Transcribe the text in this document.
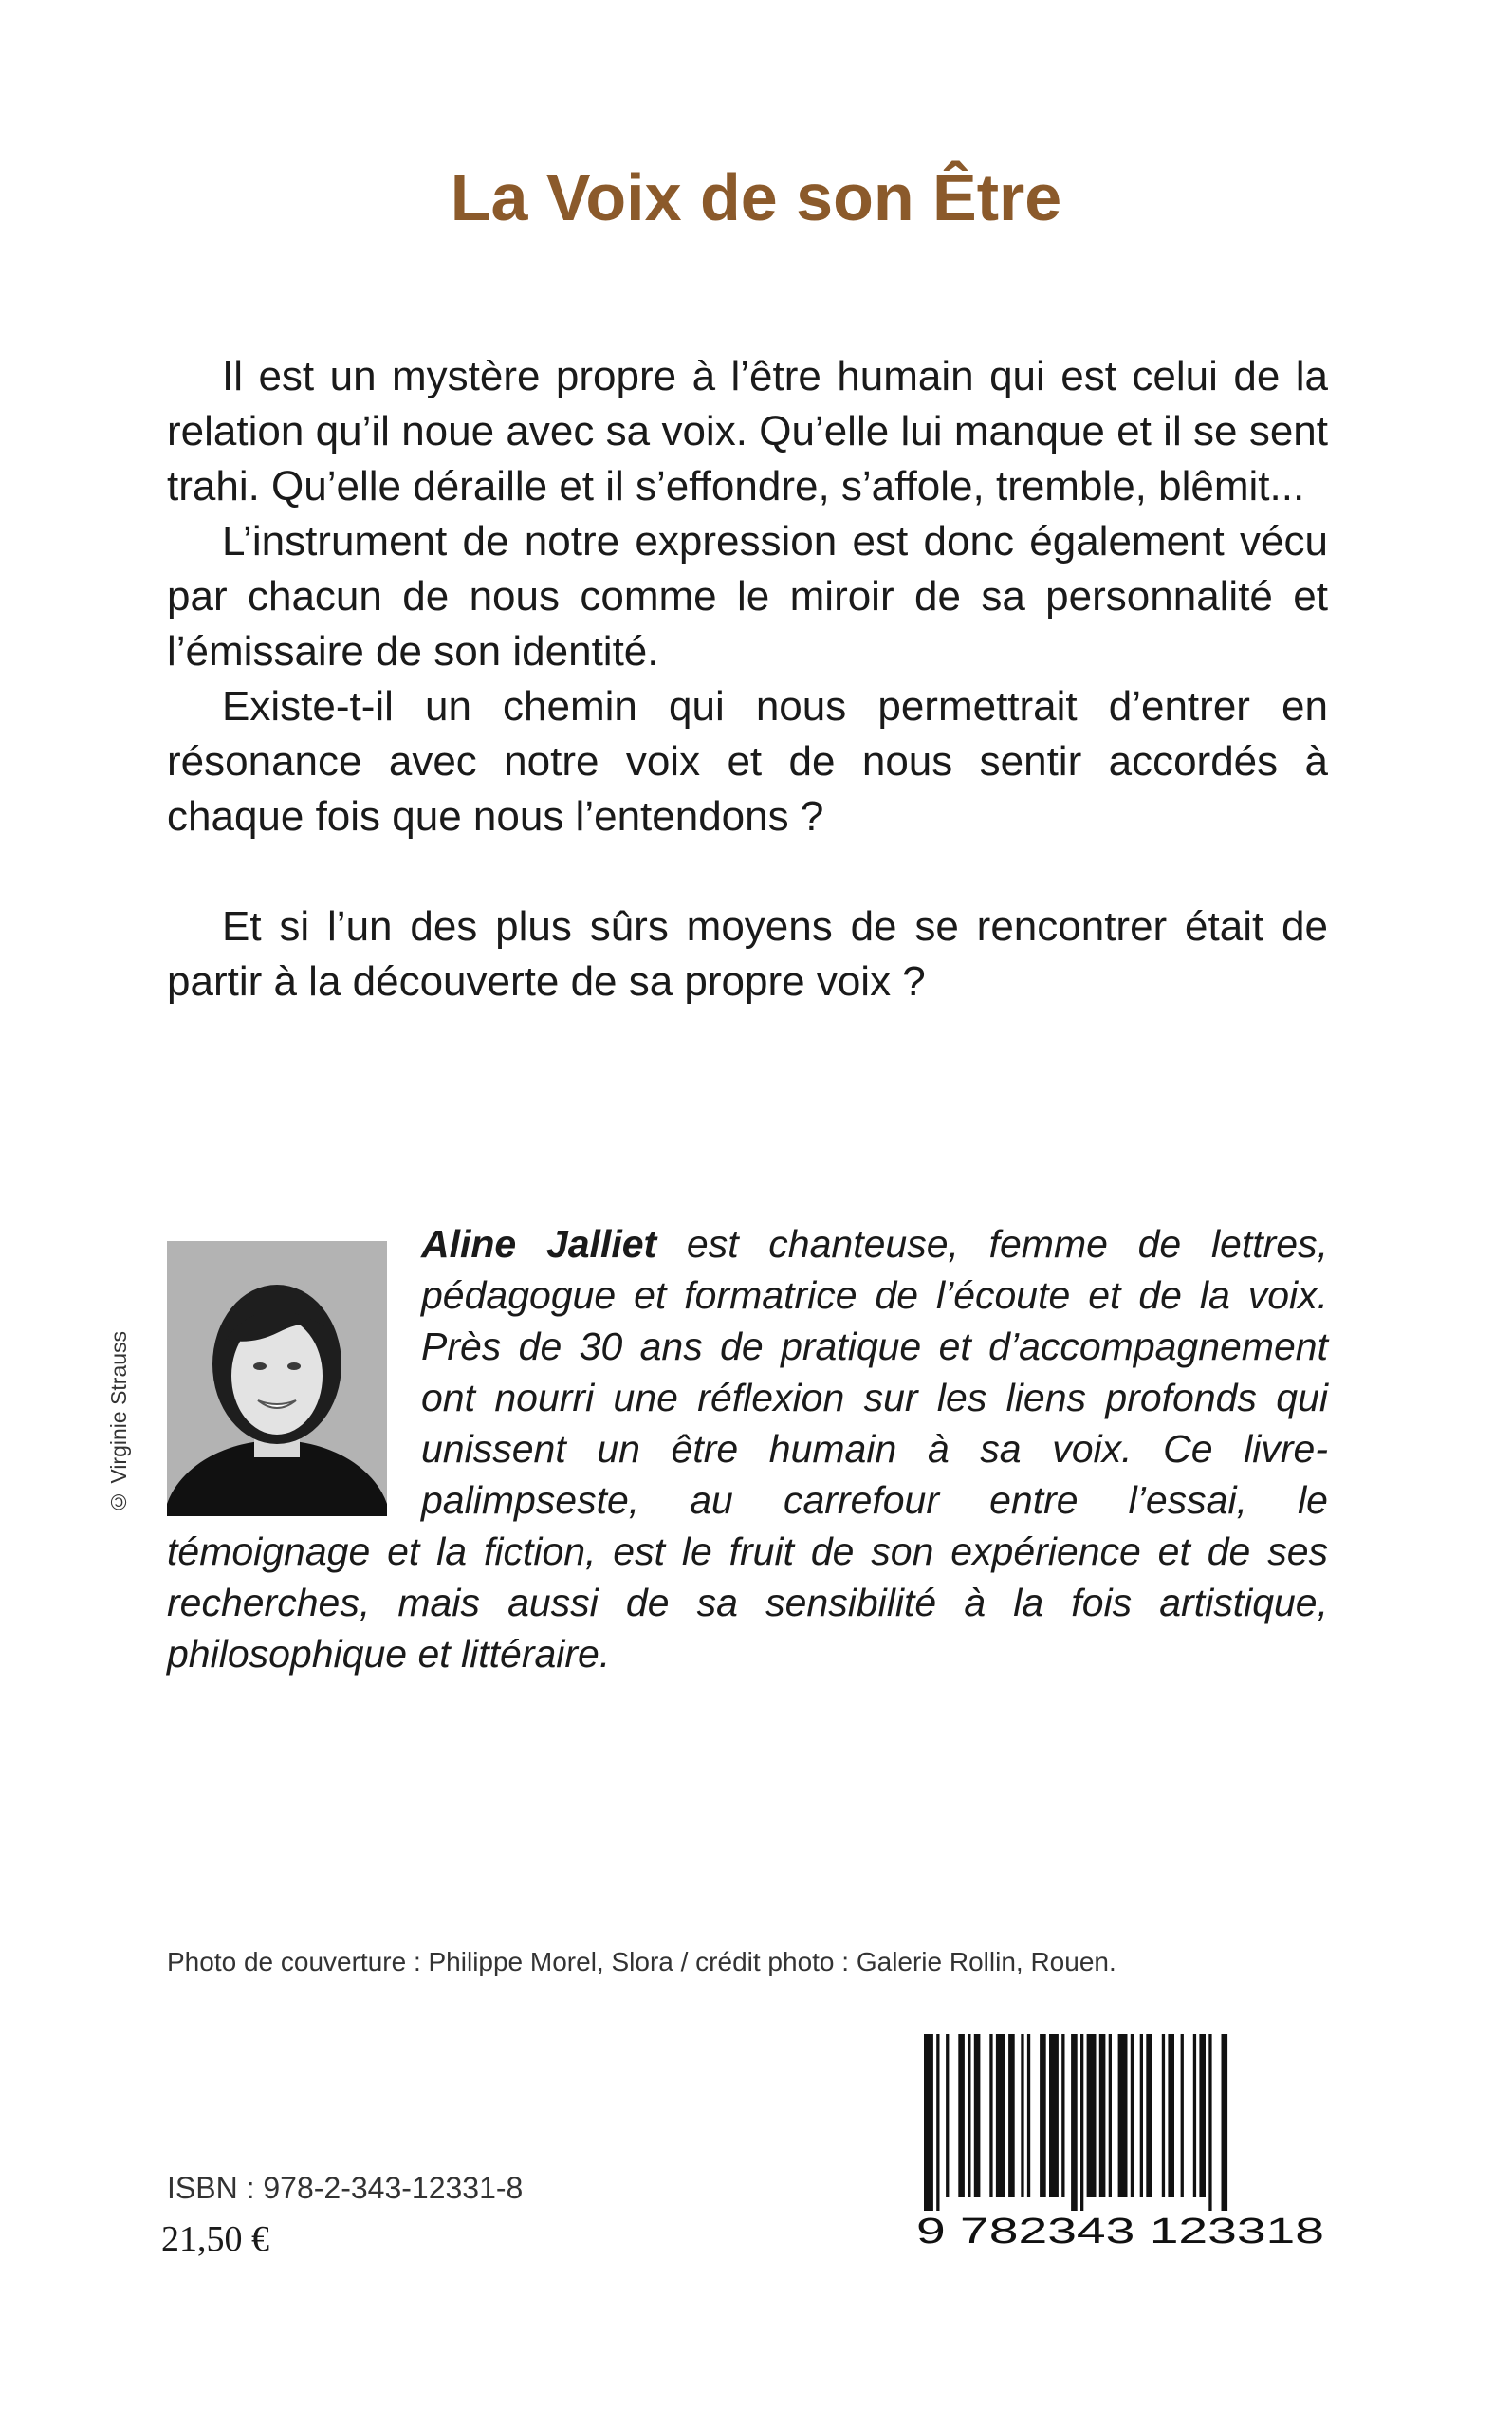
La Voix de son Être

Il est un mystère propre à l’être humain qui est celui de la relation qu’il noue avec sa voix. Qu’elle lui manque et il se sent trahi. Qu’elle déraille et il s’effondre, s’affole, tremble, blêmit...

L’instrument de notre expression est donc également vécu par chacun de nous comme le miroir de sa personnalité et l’émissaire de son identité.

Existe-t-il un chemin qui nous permettrait d’entrer en résonance avec notre voix et de nous sentir accordés à chaque fois que nous l’entendons ?

Et si l’un des plus sûrs moyens de se rencontrer était de partir à la découverte de sa propre voix ?

© Virginie Strauss

Aline Jalliet est chanteuse, femme de lettres, pédagogue et formatrice de l’écoute et de la voix. Près de 30 ans de pratique et d’accompagnement ont nourri une réflexion sur les liens profonds qui unissent un être humain à sa voix. Ce livre-palimpseste, au carrefour entre l’essai, le témoignage et la fiction, est le fruit de son expérience et de ses recherches, mais aussi de sa sensibilité à la fois artistique, philosophique et littéraire.

Photo de couverture : Philippe Morel, Slora / crédit photo : Galerie Rollin, Rouen.
ISBN : 978-2-343-12331-8
21,50 €	9 782343 123318
